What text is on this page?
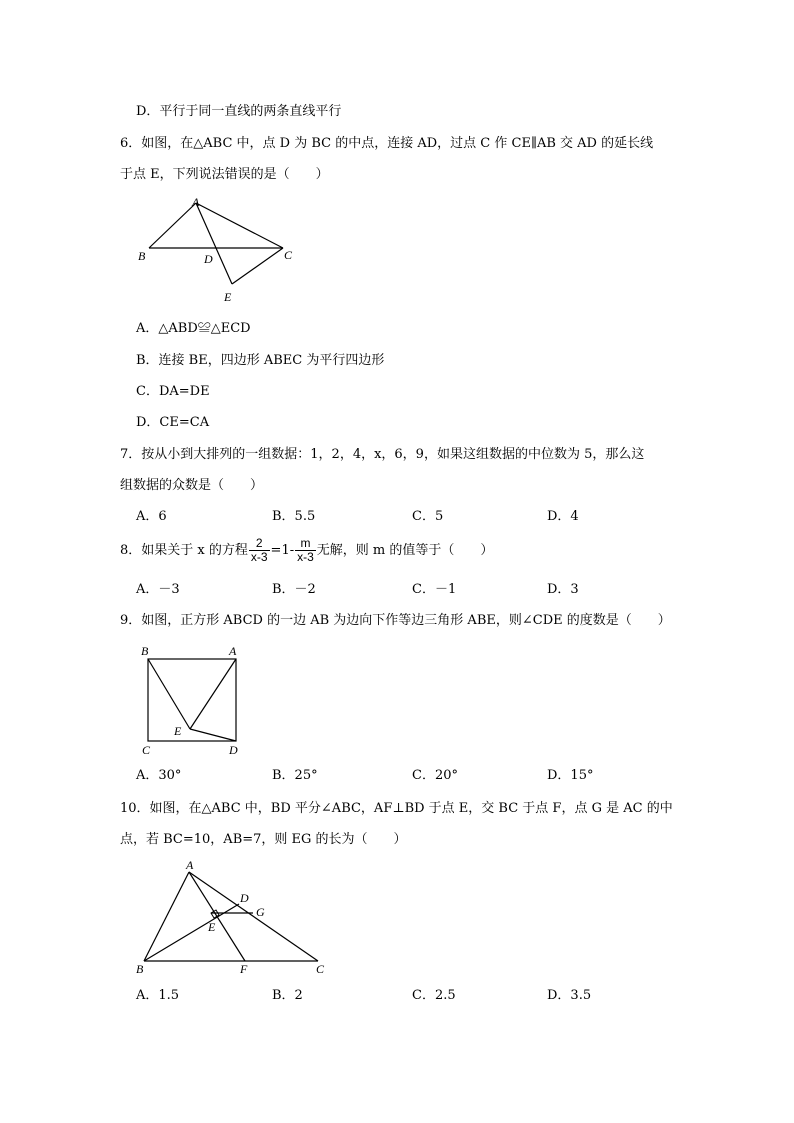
D．平行于同一直线的两条直线平行
6．如图，在△ABC 中，点 D 为 BC 的中点，连接 AD，过点 C 作 CE∥AB 交 AD 的延长线
于点 E，下列说法错误的是（　　）
A
B	C
D
E
A．△ABD≌△ECD
B．连接 BE，四边形 ABEC 为平行四边形
C．DA=DE
D．CE=CA
7．按从小到大排列的一组数据：1，2，4，x，6，9，如果这组数据的中位数为 5，那么这
组数据的众数是（　　）
A．6	B．5.5	C．5	D．4
8．如果关于 x 的方程 $\frac{2}{x-3} =1- \frac{m}{x-3}$ 无解，则 m 的值等于（　　）
A．－3	B．－2	C．－1	D．3
9．如图，正方形 ABCD 的一边 AB 为边向下作等边三角形 ABE，则∠CDE 的度数是（　　）
B	A
C	D
E
A．30°	B．25°	C．20°	D．15°
10．如图，在△ABC 中，BD 平分∠ABC，AF⊥BD 于点 E，交 BC 于点 F，点 G 是 AC 的中
点，若 BC=10，AB=7，则 EG 的长为（　　）
A
D
G
E
B	F	C
A．1.5	B．2	C．2.5	D．3.5
